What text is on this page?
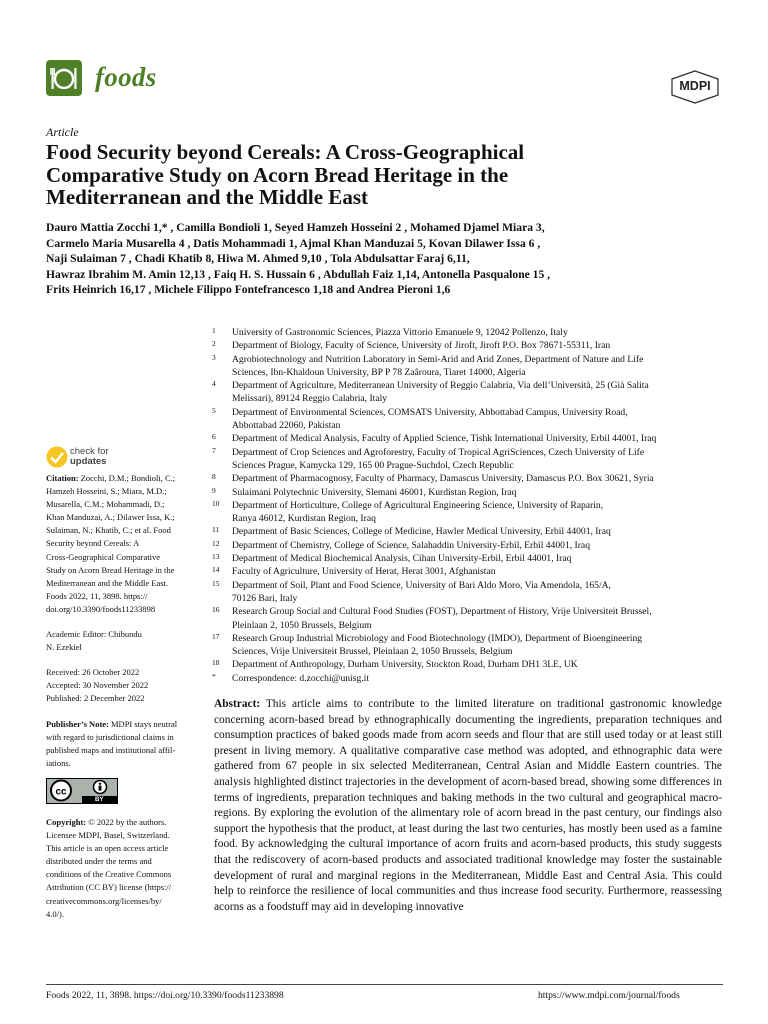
foods	MDPI
Article
Food Security beyond Cereals: A Cross-Geographical
Comparative Study on Acorn Bread Heritage in the
Mediterranean and the Middle East
Dauro Mattia Zocchi 1,* , Camilla Bondioli 1, Seyed Hamzeh Hosseini 2 , Mohamed Djamel Miara 3,
Carmelo Maria Musarella 4 , Datis Mohammadi 1, Ajmal Khan Manduzai 5, Kovan Dilawer Issa 6 ,
Naji Sulaiman 7 , Chadi Khatib 8, Hiwa M. Ahmed 9,10 , Tola Abdulsattar Faraj 6,11,
Hawraz Ibrahim M. Amin 12,13 , Faiq H. S. Hussain 6 , Abdullah Faiz 1,14, Antonella Pasqualone 15 ,
Frits Heinrich 16,17 , Michele Filippo Fontefrancesco 1,18 and Andrea Pieroni 1,6
1 University of Gastronomic Sciences, Piazza Vittorio Emanuele 9, 12042 Pollenzo, Italy
2 Department of Biology, Faculty of Science, University of Jiroft, Jiroft P.O. Box 78671-55311, Iran
3 Agrobiotechnology and Nutrition Laboratory in Semi-Arid and Arid Zones, Department of Nature and Life
Sciences, Ibn-Khaldoun University, BP P 78 Zaâroura, Tiaret 14000, Algeria
4 Department of Agriculture, Mediterranean University of Reggio Calabria, Via dell’Università, 25 (Già Salita
Melissari), 89124 Reggio Calabria, Italy
5 Department of Environmental Sciences, COMSATS University, Abbottabad Campus, University Road,
Abbottabad 22060, Pakistan
6 Department of Medical Analysis, Faculty of Applied Science, Tishk International University, Erbil 44001, Iraq
7 Department of Crop Sciences and Agroforestry, Faculty of Tropical AgriSciences, Czech University of Life
Sciences Prague, Kamycka 129, 165 00 Prague-Suchdol, Czech Republic
8 Department of Pharmacognosy, Faculty of Pharmacy, Damascus University, Damascus P.O. Box 30621, Syria
9 Sulaimani Polytechnic University, Slemani 46001, Kurdistan Region, Iraq
10 Department of Horticulture, College of Agricultural Engineering Science, University of Raparin,
Ranya 46012, Kurdistan Region, Iraq
11 Department of Basic Sciences, College of Medicine, Hawler Medical University, Erbil 44001, Iraq
12 Department of Chemistry, College of Science, Salahaddin University-Erbil, Erbil 44001, Iraq
13 Department of Medical Biochemical Analysis, Cihan University-Erbil, Erbil 44001, Iraq
14 Faculty of Agriculture, University of Herat, Herat 3001, Afghanistan
15 Department of Soil, Plant and Food Science, University of Bari Aldo Moro, Via Amendola, 165/A,
70126 Bari, Italy
16 Research Group Social and Cultural Food Studies (FOST), Department of History, Vrije Universiteit Brussel,
Pleinlaan 2, 1050 Brussels, Belgium
17 Research Group Industrial Microbiology and Food Biotechnology (IMDO), Department of Bioengineering
Sciences, Vrije Universiteit Brussel, Pleinlaan 2, 1050 Brussels, Belgium
18 Department of Anthropology, Durham University, Stockton Road, Durham DH1 3LE, UK
* Correspondence: d.zocchi@unisg.it
check for
updates
Citation: Zocchi, D.M.; Bondioli, C.;
Hamzeh Hosseini, S.; Miara, M.D.;
Musarella, C.M.; Mohammadi, D.;
Khan Manduzai, A.; Dilawer Issa, K.;
Sulaiman, N.; Khatib, C.; et al. Food
Security beyond Cereals: A
Cross-Geographical Comparative
Study on Acorn Bread Heritage in the
Mediterranean and the Middle East.
Foods 2022, 11, 3898. https://
doi.org/10.3390/foods11233898
Academic Editor: Chibundu
N. Ezekiel
Received: 26 October 2022
Accepted: 30 November 2022
Published: 2 December 2022
Publisher’s Note: MDPI stays neutral
with regard to jurisdictional claims in
published maps and institutional affil-
iations.
cc
Copyright: © 2022 by the authors.
Licensee MDPI, Basel, Switzerland.
This article is an open access article
distributed under the terms and
conditions of the Creative Commons
Attribution (CC BY) license (https://
creativecommons.org/licenses/by/
4.0/).
Abstract: This article aims to contribute to the limited literature on traditional gastronomic knowledge concerning acorn-based bread by ethnographically documenting the ingredients, preparation techniques and consumption practices of baked goods made from acorn seeds and flour that are still used today or at least still present in living memory. A qualitative comparative case method was adopted, and ethnographic data were gathered from 67 people in six selected Mediterranean, Central Asian and Middle Eastern countries. The analysis highlighted distinct trajectories in the development of acorn-based bread, showing some differences in terms of ingredients, preparation techniques and baking methods in the two cultural and geographical macro-regions. By exploring the evolution of the alimentary role of acorn bread in the past century, our findings also support the hypothesis that the product, at least during the last two centuries, has mostly been used as a famine food. By acknowledging the cultural importance of acorn fruits and acorn-based products, this study suggests that the rediscovery of acorn-based products and associated traditional knowledge may foster the sustainable development of rural and marginal regions in the Mediterranean, Middle East and Central Asia. This could help to reinforce the resilience of local communities and thus increase food security. Furthermore, reassessing acorns as a foodstuff may aid in developing innovative
Foods 2022, 11, 3898. https://doi.org/10.3390/foods11233898	https://www.mdpi.com/journal/foods
